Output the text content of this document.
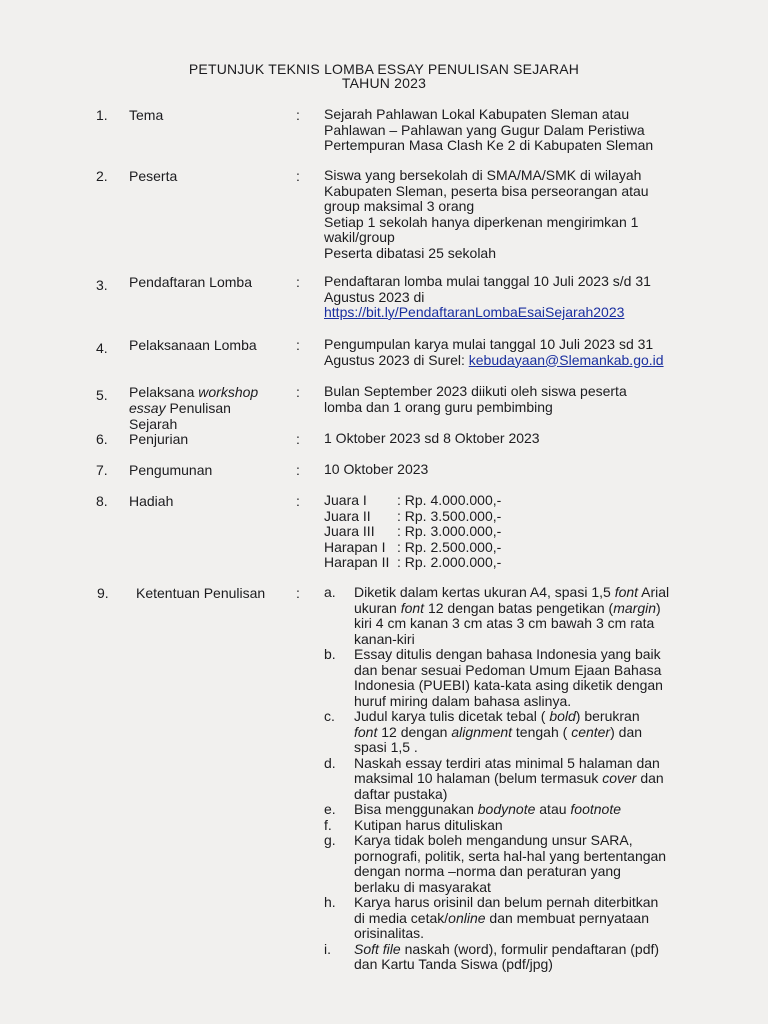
PETUNJUK TEKNIS LOMBA ESSAY PENULISAN SEJARAH
TAHUN 2023
1.	Tema	: Sejarah Pahlawan Lokal Kabupaten Sleman atau
Pahlawan – Pahlawan yang Gugur Dalam Peristiwa
Pertempuran Masa Clash Ke 2 di Kabupaten Sleman
2.	Peserta	: Siswa yang bersekolah di SMA/MA/SMK di wilayah
Kabupaten Sleman, peserta bisa perseorangan atau
group maksimal 3 orang
Setiap 1 sekolah hanya diperkenan mengirimkan 1
wakil/group
Peserta dibatasi 25 sekolah
3.	Pendaftaran Lomba	: Pendaftaran lomba mulai tanggal 10 Juli 2023 s/d 31
Agustus 2023 di
https://bit.ly/PendaftaranLombaEsaiSejarah2023
4.	Pelaksanaan Lomba	: Pengumpulan karya mulai tanggal 10 Juli 2023 sd 31
Agustus 2023 di Surel: kebudayaan@Slemankab.go.id
5.	Pelaksana workshop
essay Penulisan
Sejarah
: Bulan September 2023 diikuti oleh siswa peserta
lomba dan 1 orang guru pembimbing
6.	Penjurian	: 1 Oktober 2023 sd 8 Oktober 2023
7.	Pengumunan	: 10 Oktober 2023
8.	Hadiah	: Juara I	: Rp. 4.000.000,-
Juara II	: Rp. 3.500.000,-
Juara III	: Rp. 3.000.000,-
Harapan I : Rp. 2.500.000,-
Harapan II : Rp. 2.000.000,-
9.	Ketentuan Penulisan	: a. Diketik dalam kertas ukuran A4, spasi 1,5 font Arial
ukuran font 12 dengan batas pengetikan (margin)
kiri 4 cm kanan 3 cm atas 3 cm bawah 3 cm rata
kanan-kiri
b. Essay ditulis dengan bahasa Indonesia yang baik
dan benar sesuai Pedoman Umum Ejaan Bahasa
Indonesia (PUEBI) kata-kata asing diketik dengan
huruf miring dalam bahasa aslinya.
c. Judul karya tulis dicetak tebal ( bold) berukran
font 12 dengan alignment tengah ( center) dan
spasi 1,5 .
d. Naskah essay terdiri atas minimal 5 halaman dan
maksimal 10 halaman (belum termasuk cover dan
daftar pustaka)
e. Bisa menggunakan bodynote atau footnote
f. Kutipan harus dituliskan
g. Karya tidak boleh mengandung unsur SARA,
pornografi, politik, serta hal-hal yang bertentangan
dengan norma –norma dan peraturan yang
berlaku di masyarakat
h. Karya harus orisinil dan belum pernah diterbitkan
di media cetak/online dan membuat pernyataan
orisinalitas.
i. Soft file naskah (word), formulir pendaftaran (pdf)
dan Kartu Tanda Siswa (pdf/jpg)
